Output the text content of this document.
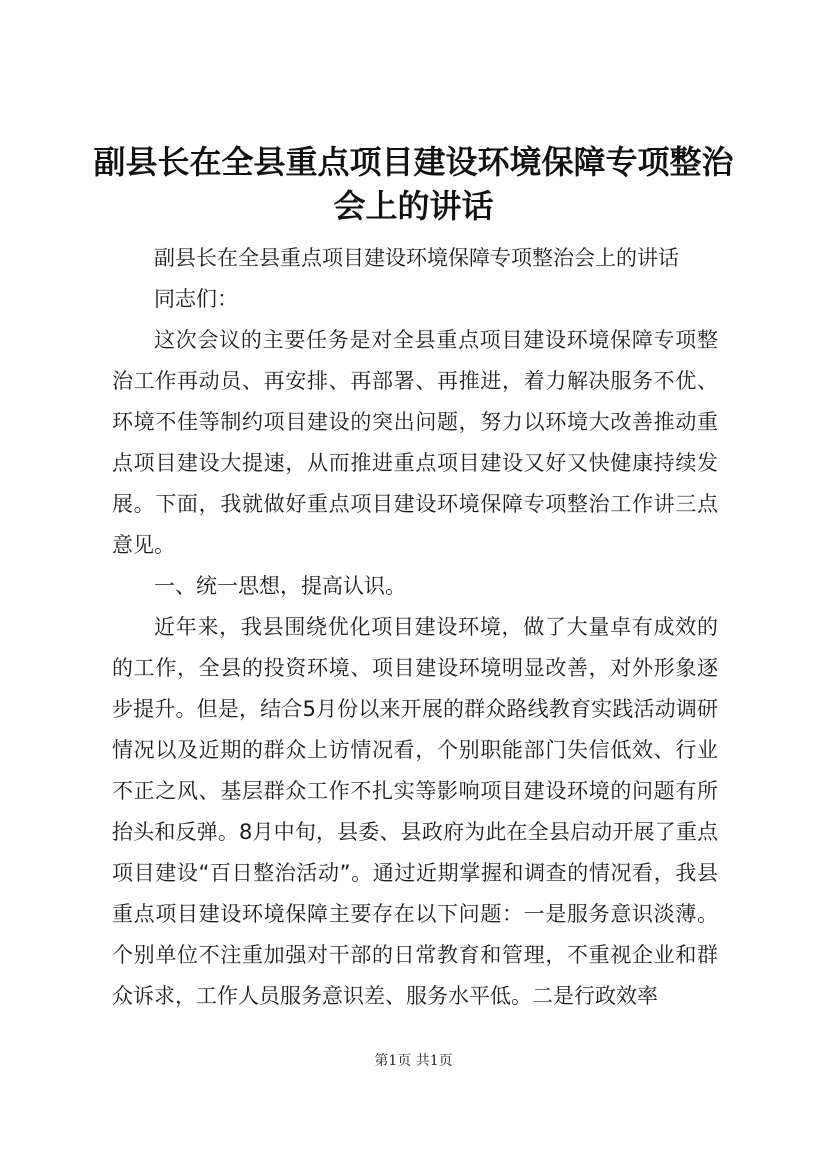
副县长在全县重点项目建设环境保障专项整治
会上的讲话

副县长在全县重点项目建设环境保障专项整治会上的讲话

同志们：

这次会议的主要任务是对全县重点项目建设环境保障专项整治工作再动员、再安排、再部署、再推进，着力解决服务不优、环境不佳等制约项目建设的突出问题，努力以环境大改善推动重点项目建设大提速，从而推进重点项目建设又好又快健康持续发展。下面，我就做好重点项目建设环境保障专项整治工作讲三点意见。

一、统一思想，提高认识。

近年来，我县围绕优化项目建设环境，做了大量卓有成效的的工作，全县的投资环境、项目建设环境明显改善，对外形象逐步提升。但是，结合5月份以来开展的群众路线教育实践活动调研情况以及近期的群众上访情况看，个别职能部门失信低效、行业不正之风、基层群众工作不扎实等影响项目建设环境的问题有所抬头和反弹。8月中旬，县委、县政府为此在全县启动开展了重点项目建设“百日整治活动”。通过近期掌握和调查的情况看，我县重点项目建设环境保障主要存在以下问题：一是服务意识淡薄。个别单位不注重加强对干部的日常教育和管理，不重视企业和群众诉求，工作人员服务意识差、服务水平低。二是行政效率

第1页 共1页
